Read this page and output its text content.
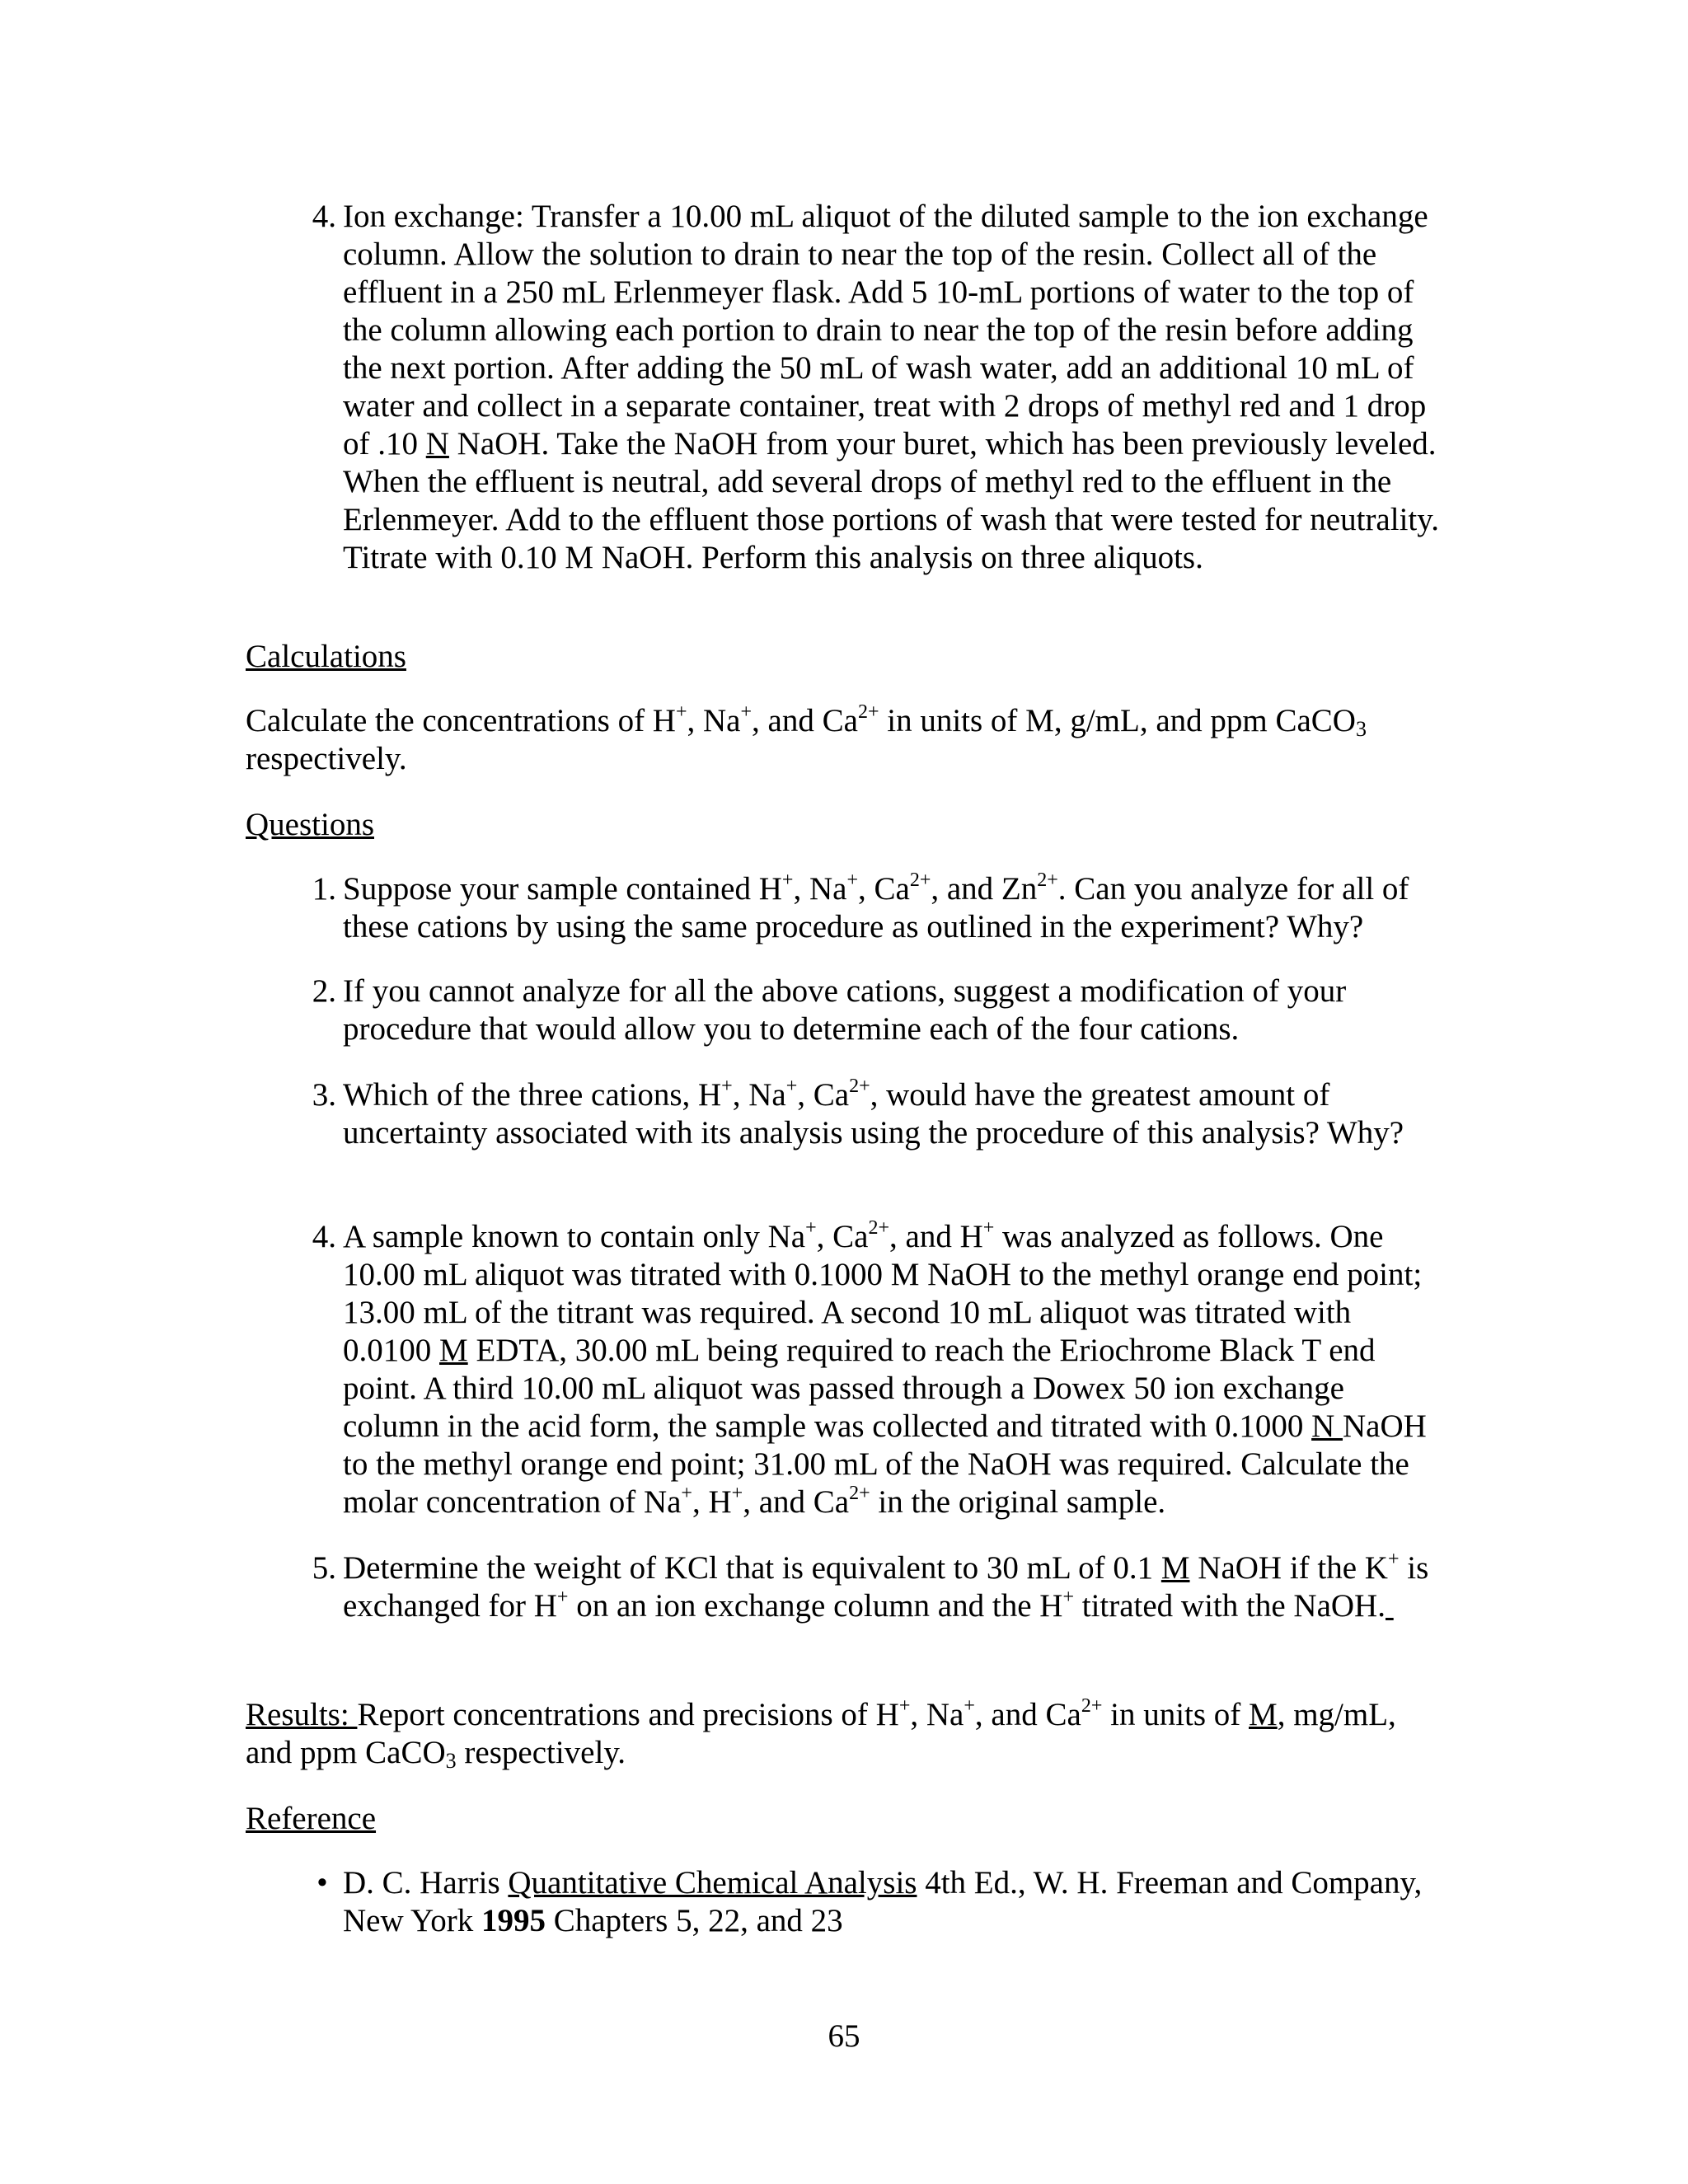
4. Ion exchange: Transfer a 10.00 mL aliquot of the diluted sample to the ion exchange column. Allow the solution to drain to near the top of the resin. Collect all of the effluent in a 250 mL Erlenmeyer flask. Add 5 10-mL portions of water to the top of the column allowing each portion to drain to near the top of the resin before adding the next portion. After adding the 50 mL of wash water, add an additional 10 mL of water and collect in a separate container, treat with 2 drops of methyl red and 1 drop of .10 N NaOH. Take the NaOH from your buret, which has been previously leveled. When the effluent is neutral, add several drops of methyl red to the effluent in the Erlenmeyer. Add to the effluent those portions of wash that were tested for neutrality. Titrate with 0.10 M NaOH. Perform this analysis on three aliquots.
Calculations
Calculate the concentrations of H+, Na+, and $Ca^{2+}$ in units of M, g/mL, and ppm CaCO$_3$ respectively.
Questions
1. Suppose your sample contained H+, Na+, $Ca^{2+}$, and $Zn^{2+}$. Can you analyze for all of these cations by using the same procedure as outlined in the experiment? Why?
2. If you cannot analyze for all the above cations, suggest a modification of your procedure that would allow you to determine each of the four cations.
3. Which of the three cations, H+, Na+, $Ca^{2+}$, would have the greatest amount of uncertainty associated with its analysis using the procedure of this analysis? Why?
4. A sample known to contain only Na+, $Ca^{2+}$, and H+ was analyzed as follows. One 10.00 mL aliquot was titrated with 0.1000 M NaOH to the methyl orange end point; 13.00 mL of the titrant was required. A second 10 mL aliquot was titrated with 0.0100 M EDTA, 30.00 mL being required to reach the Eriochrome Black T end point. A third 10.00 mL aliquot was passed through a Dowex 50 ion exchange column in the acid form, the sample was collected and titrated with 0.1000 N NaOH to the methyl orange end point; 31.00 mL of the NaOH was required. Calculate the molar concentration of Na+, H+, and $Ca^{2+}$ in the original sample.
5. Determine the weight of KCl that is equivalent to 30 mL of 0.1 M NaOH if the K+ is exchanged for H+ on an ion exchange column and the H+ titrated with the NaOH.
Results: Report concentrations and precisions of H+, Na+, and $Ca^{2+}$ in units of M, mg/mL, and ppm CaCO$_3$ respectively.
Reference
• D. C. Harris Quantitative Chemical Analysis 4th Ed., W. H. Freeman and Company, New York 1995 Chapters 5, 22, and 23
65
